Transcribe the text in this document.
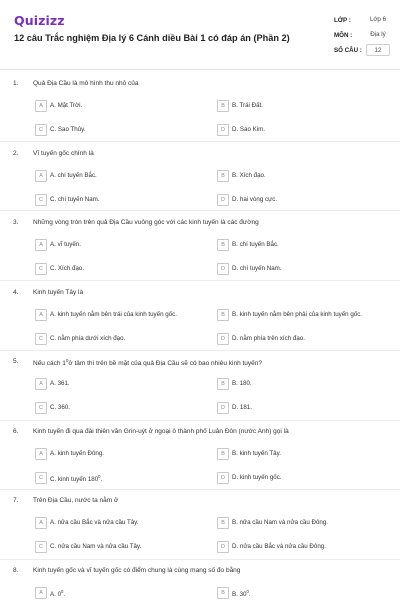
Quizizz
12 câu Trắc nghiệm Địa lý 6 Cánh diều Bài 1 có đáp án (Phần 2)
LỚP :	Lớp 6
MÔN :	Địa lý
SỐ CÂU :	12
1. Quả Địa Cầu là mô hình thu nhỏ của
A	A. Mặt Trời.	B	B. Trái Đất.
C	C. Sao Thủy.	D	D. Sao Kim.
2. Vĩ tuyến gốc chính là
A	A. chí tuyến Bắc.	B	B. Xích đạo.
C	C. chí tuyến Nam.	D	D. hai vòng cực.
3. Những vòng tròn trên quả Địa Cầu vuông góc với các kinh tuyến là các đường
A	A. vĩ tuyến.	B	B. chí tuyến Bắc.
C	C. Xích đạo.	D	D. chí tuyến Nam.
4. Kinh tuyến Tây là
A	A. kinh tuyến nằm bên trái của kinh tuyến gốc.	B	B. kinh tuyến nằm bên phải của kinh tuyến gốc.
C	C. nằm phía dưới xích đạo.	D	D. nằm phía trên xích đạo.
5. Nếu cách $1^0ở$ tâm thì trên bề mặt của quả Địa Cầu sẽ có bao nhiêu kinh tuyến?
A	A. 361.	B	B. 180.
C	C. 360.	D	D. 181.
6. Kinh tuyến đi qua đài thiên văn Grin-uýt ở ngoại ô thành phố Luân Đôn (nước Anh) gọi là
A	A. kinh tuyến Đông.	B	B. kinh tuyến Tây.
C	C. kinh tuyến $180^0$.	D	D. kinh tuyến gốc.
7. Trên Địa Cầu, nước ta nằm ở
A	A. nửa cầu Bắc và nửa cầu Tây.	B	B. nửa cầu Nam và nửa cầu Đông.
C	C. nửa cầu Nam và nửa cầu Tây.	D	D. nửa cầu Bắc và nửa cầu Đông.
8. Kinh tuyến gốc và vĩ tuyến gốc có điểm chung là cùng mang số đo bằng
A	A. $0^0$.	B	B. $30^0$.
